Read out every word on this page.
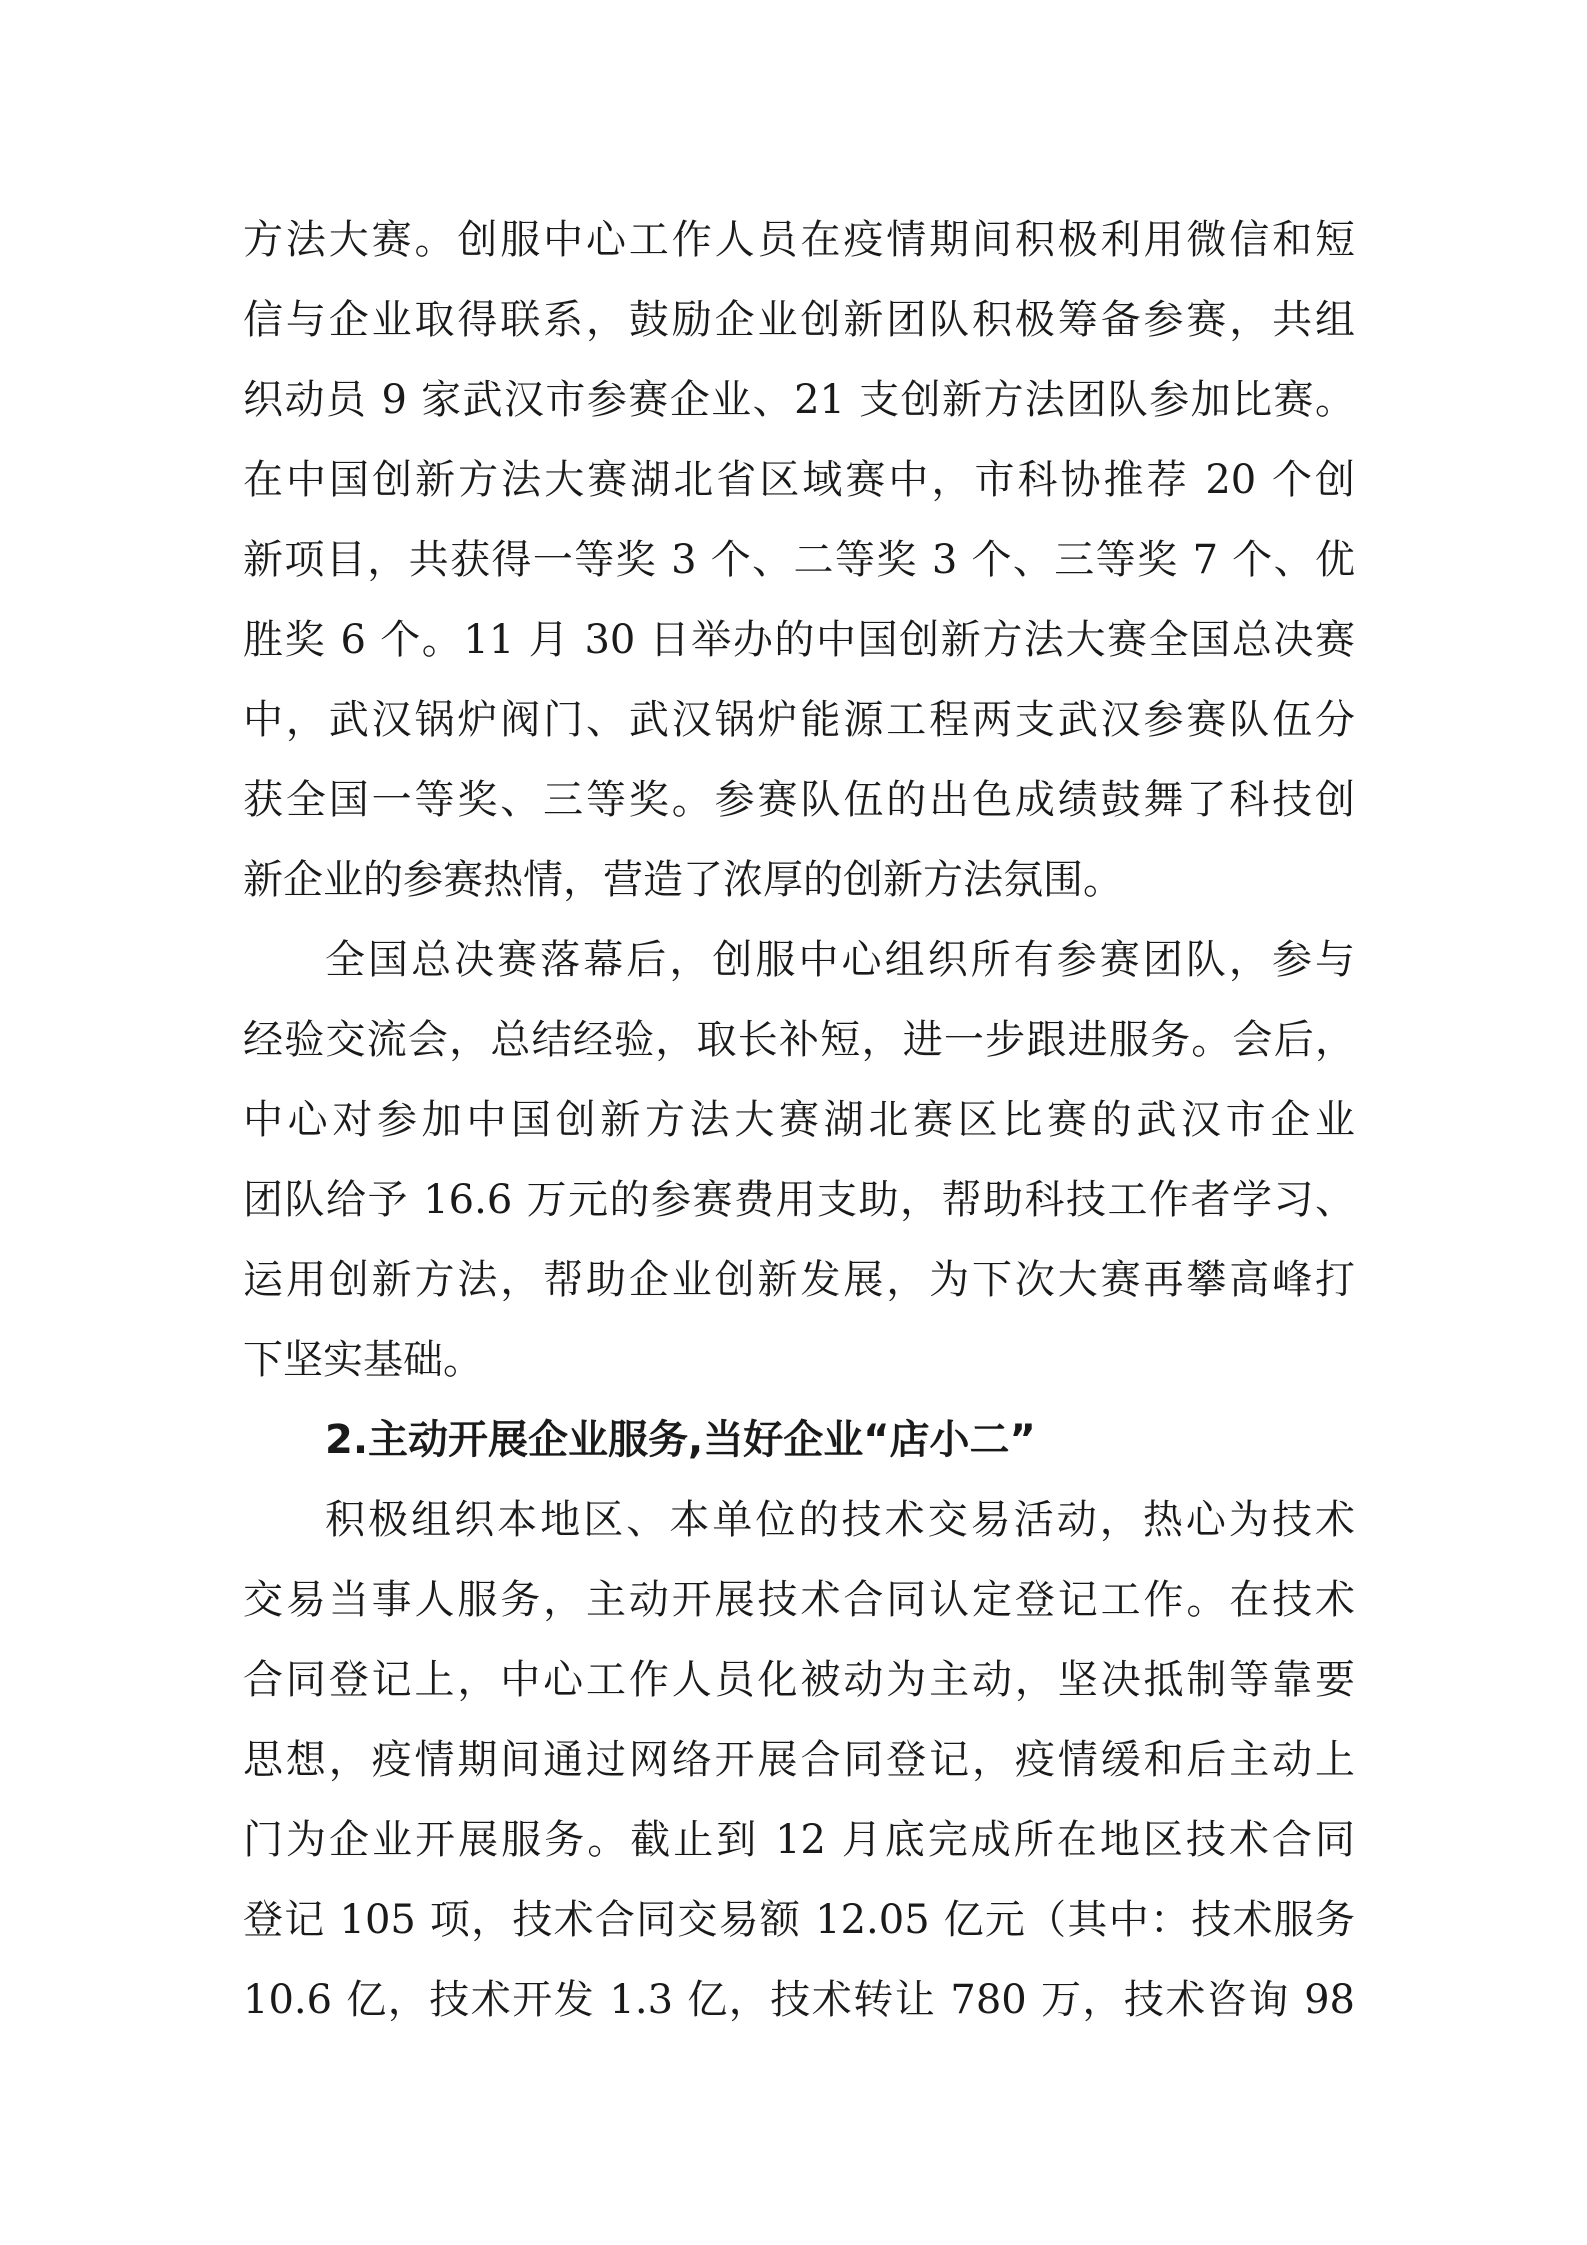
方法大赛。创服中心工作人员在疫情期间积极利用微信和短
信与企业取得联系，鼓励企业创新团队积极筹备参赛，共组
织动员 9 家武汉市参赛企业、21 支创新方法团队参加比赛。
在中国创新方法大赛湖北省区域赛中，市科协推荐 20 个创
新项目，共获得一等奖 3 个、二等奖 3 个、三等奖 7 个、优
胜奖 6 个。11 月 30 日举办的中国创新方法大赛全国总决赛
中，武汉锅炉阀门、武汉锅炉能源工程两支武汉参赛队伍分
获全国一等奖、三等奖。参赛队伍的出色成绩鼓舞了科技创
新企业的参赛热情，营造了浓厚的创新方法氛围。
全国总决赛落幕后，创服中心组织所有参赛团队，参与
经验交流会，总结经验，取长补短，进一步跟进服务。会后，
中心对参加中国创新方法大赛湖北赛区比赛的武汉市企业
团队给予 16.6 万元的参赛费用支助，帮助科技工作者学习、
运用创新方法，帮助企业创新发展，为下次大赛再攀高峰打
下坚实基础。
2.主动开展企业服务,当好企业“店小二”
积极组织本地区、本单位的技术交易活动，热心为技术
交易当事人服务，主动开展技术合同认定登记工作。在技术
合同登记上，中心工作人员化被动为主动，坚决抵制等靠要
思想，疫情期间通过网络开展合同登记，疫情缓和后主动上
门为企业开展服务。截止到 12 月底完成所在地区技术合同
登记 105 项，技术合同交易额 12.05 亿元（其中：技术服务
10.6 亿，技术开发 1.3 亿，技术转让 780 万，技术咨询 98
